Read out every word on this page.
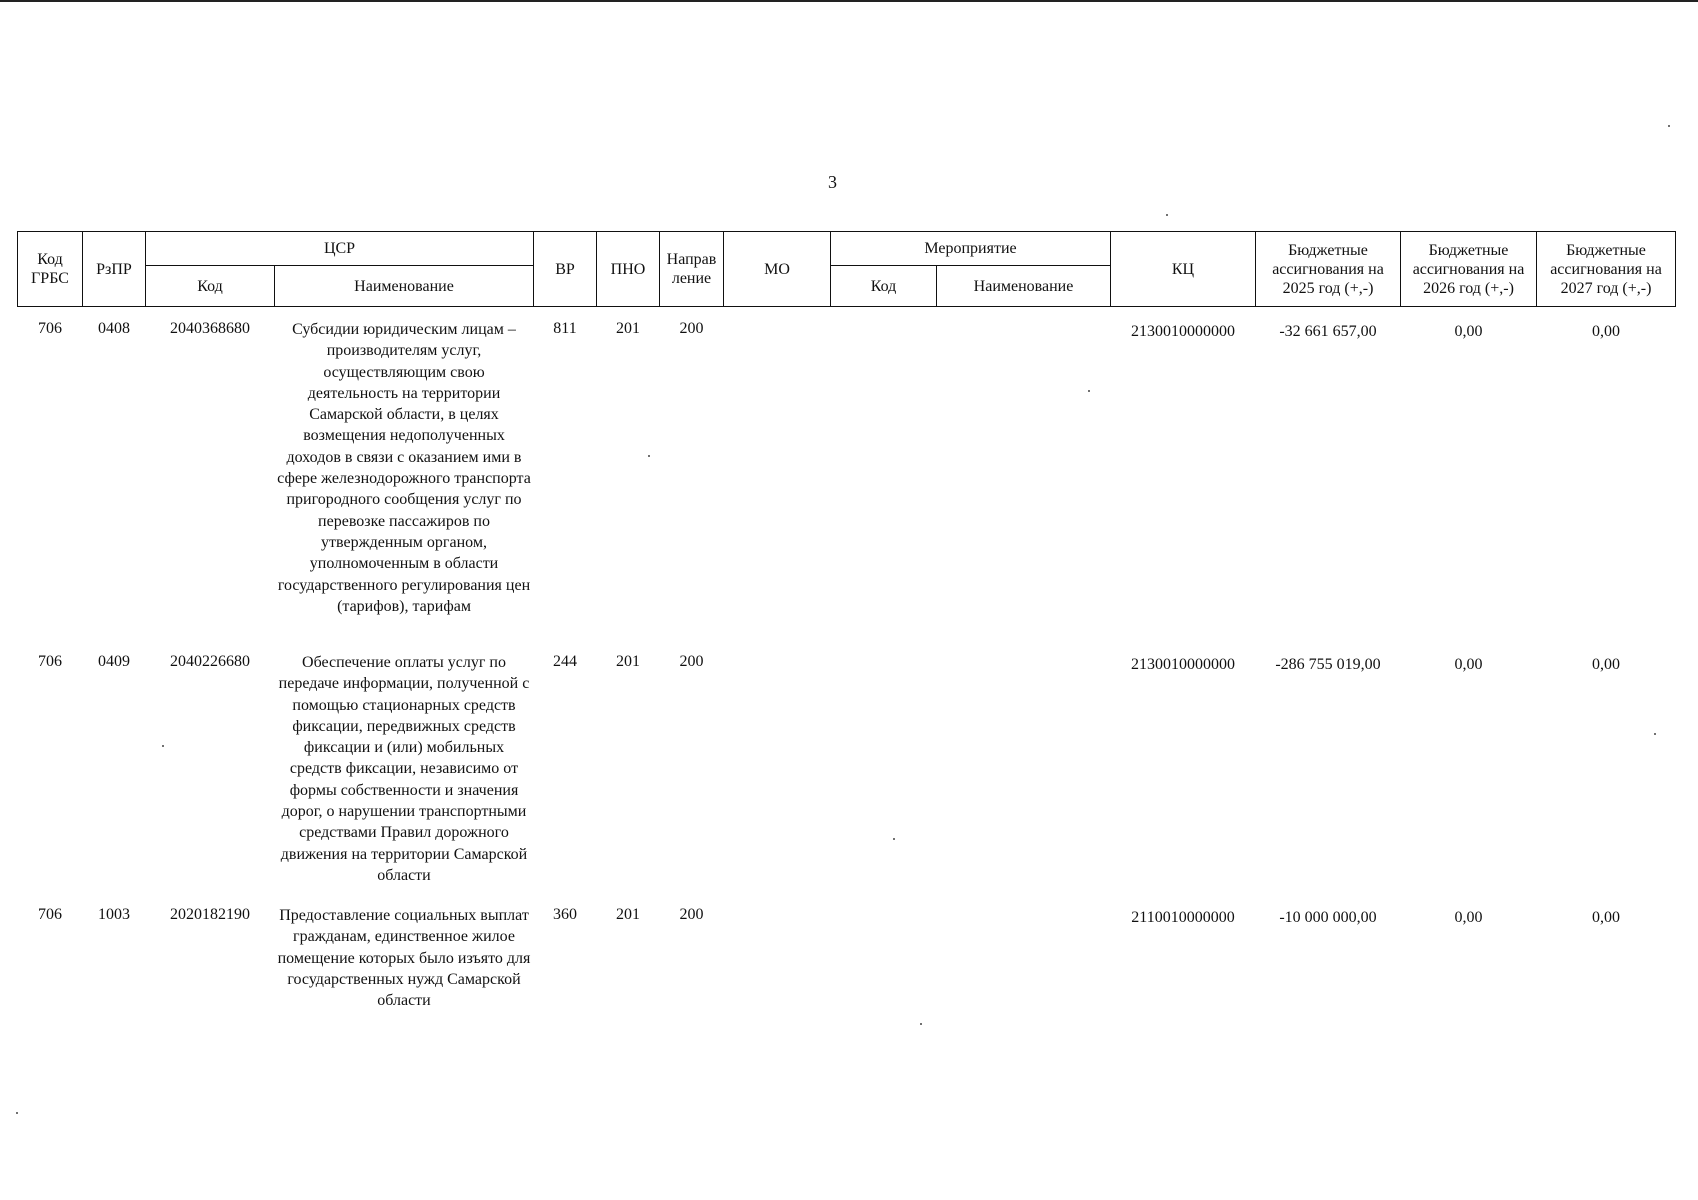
3
Код ГРБС	РзПР	ЦСР		ВР	ПНО	Направ ление	МО	Мероприятие		КЦ	Бюджетные ассигнования на 2025 год (+,-)	Бюджетные ассигнования на 2026 год (+,-)	Бюджетные ассигнования на 2027 год (+,-)
		Код	Наименование					Код	Наименование				

706	0408	2040368680	Субсидии юридическим лицам – производителям услуг, осуществляющим свою деятельность на территории Самарской области, в целях возмещения недополученных доходов в связи с оказанием ими в сфере железнодорожного транспорта пригородного сообщения услуг по перевозке пассажиров по утвержденным органом, уполномоченным в области государственного регулирования цен (тарифов), тарифам	811	201	200				2130010000000	-32 661 657,00	0,00	0,00
706	0409	2040226680	Обеспечение оплаты услуг по передаче информации, полученной с помощью стационарных средств фиксации, передвижных средств фиксации и (или) мобильных средств фиксации, независимо от формы собственности и значения дорог, о нарушении транспортными средствами Правил дорожного движения на территории Самарской области	244	201	200				2130010000000	-286 755 019,00	0,00	0,00
706	1003	2020182190	Предоставление социальных выплат гражданам, единственное жилое помещение которых было изъято для государственных нужд Самарской области	360	201	200				2110010000000	-10 000 000,00	0,00	0,00
